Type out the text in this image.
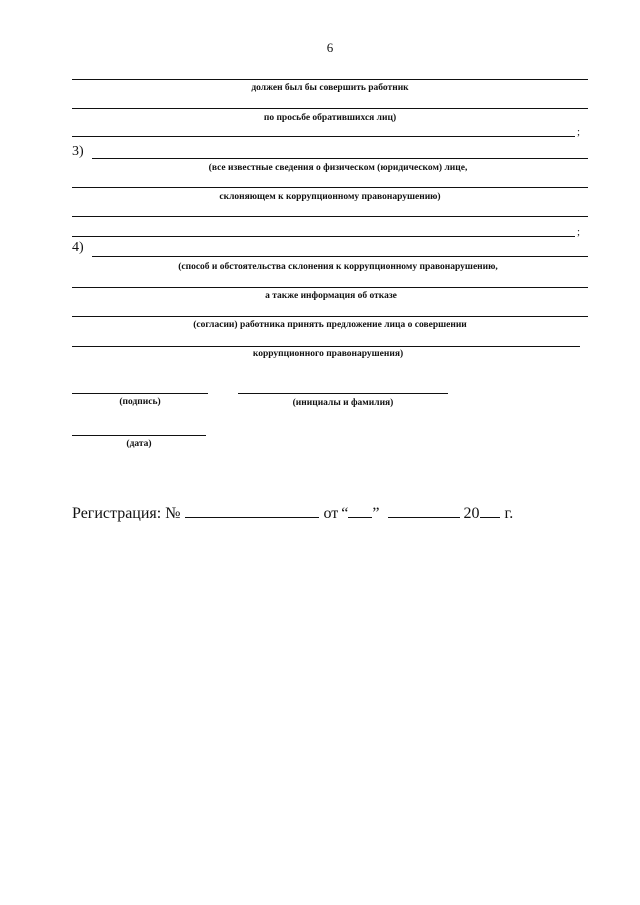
6
должен был бы совершить работник
по просьбе обратившихся лиц)
;
3)
(все известные сведения о физическом (юридическом) лице,
склоняющем к коррупционному правонарушению)
;
4)
(способ и обстоятельства склонения к коррупционному правонарушению,
а также информация об отказе
(согласии) работника принять предложение лица о совершении
коррупционного правонарушения)
(подпись)	(инициалы и фамилия)
(дата)
Регистрация: №	от “ ”	20 г.
